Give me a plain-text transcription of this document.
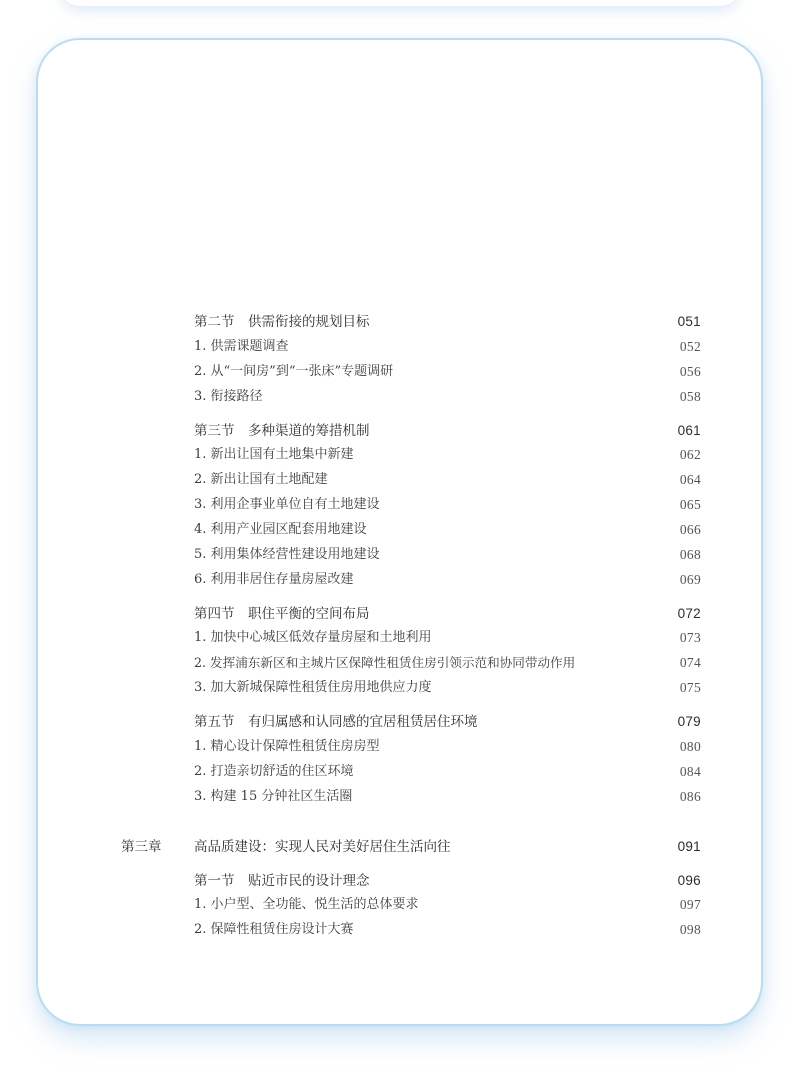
第二节　供需衔接的规划目标	051
1. 供需课题调查	052
2. 从“一间房”到“一张床”专题调研	056
3. 衔接路径	058
第三节　多种渠道的筹措机制	061
1. 新出让国有土地集中新建	062
2. 新出让国有土地配建	064
3. 利用企事业单位自有土地建设	065
4. 利用产业园区配套用地建设	066
5. 利用集体经营性建设用地建设	068
6. 利用非居住存量房屋改建	069
第四节　职住平衡的空间布局	072
1. 加快中心城区低效存量房屋和土地利用	073
2. 发挥浦东新区和主城片区保障性租赁住房引领示范和协同带动作用	074
3. 加大新城保障性租赁住房用地供应力度	075
第五节　有归属感和认同感的宜居租赁居住环境	079
1. 精心设计保障性租赁住房房型	080
2. 打造亲切舒适的住区环境	084
3. 构建 15 分钟社区生活圈	086
第三章 高品质建设：实现人民对美好居住生活向往	091
第一节　贴近市民的设计理念	096
1. 小户型、全功能、悦生活的总体要求	097
2. 保障性租赁住房设计大赛	098
